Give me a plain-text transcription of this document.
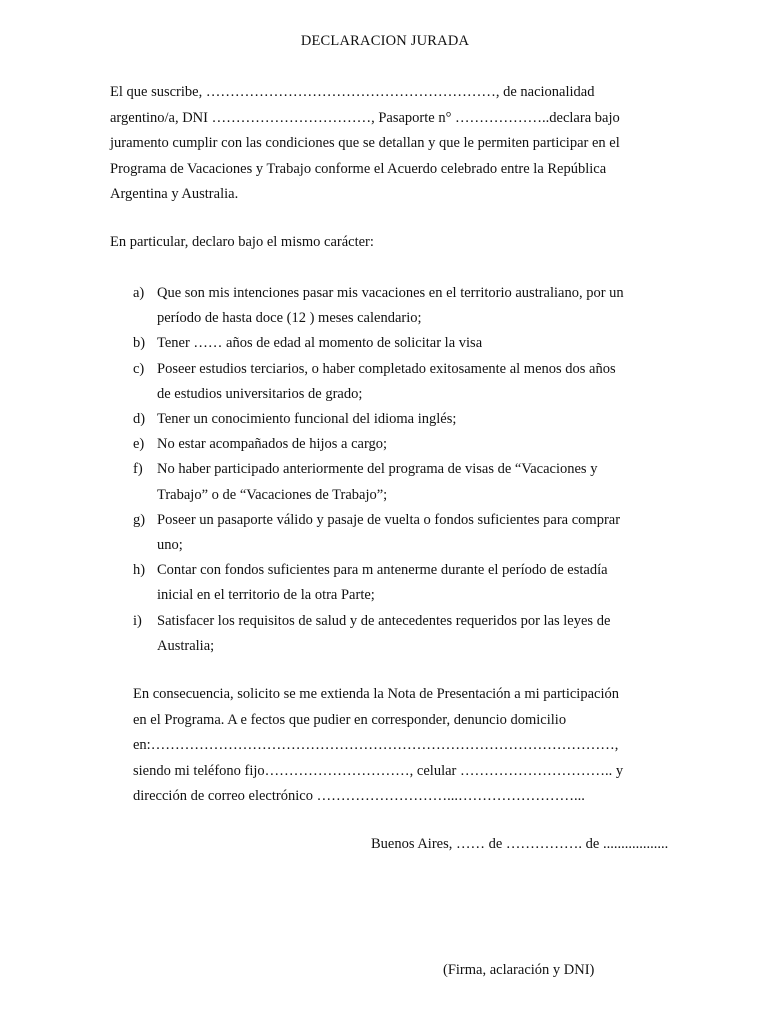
DECLARACION JURADA
El que suscribe, ……………………………………………………, de nacionalidad
argentino/a, DNI ……………………………, Pasaporte n° ………………..declara bajo
juramento cumplir con las condiciones que se detallan y que le permiten participar en el
Programa de Vacaciones y Trabajo conforme el Acuerdo celebrado entre la República
Argentina y Australia.
En particular, declaro bajo el mismo carácter:
a) Que son mis intenciones pasar mis vacaciones en el territorio australiano, por un
período de hasta doce (12 ) meses calendario;
b) Tener …… años de edad al momento de solicitar la visa
c) Poseer estudios terciarios, o haber completado exitosamente al menos dos años
de estudios universitarios de grado;
d) Tener un conocimiento funcional del idioma inglés;
e) No estar acompañados de hijos a cargo;
f) No haber participado anteriormente del programa de visas de “Vacaciones y
Trabajo” o de “Vacaciones de Trabajo”;
g) Poseer un pasaporte válido y pasaje de vuelta o fondos suficientes para comprar
uno;
h) Contar con fondos suficientes para m antenerme durante el período de estadía
inicial en el territorio de la otra Parte;
i) Satisfacer los requisitos de salud y de antecedentes requeridos por las leyes de
Australia;
En consecuencia, solicito se me extienda la Nota de Presentación a mi participación
en el Programa. A e fectos que pudier en corresponder, denuncio domicilio
en:……………………………………………………………………………………,
siendo mi teléfono fijo…………………………, celular ………………………….. y
dirección de correo electrónico ………………………...……………………...
Buenos Aires, …… de ……………. de ..................
(Firma, aclaración y DNI)
